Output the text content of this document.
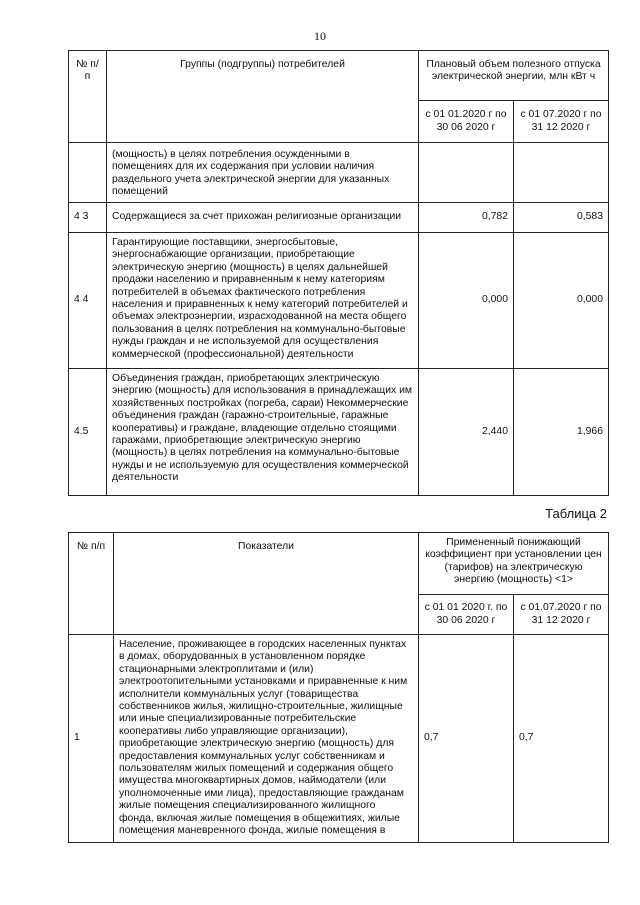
10
№ п/п	Группы (подгруппы) потребителей	Плановый объем полезного отпуска электрической энергии, млн кВт ч	
		с 01 01.2020 г по 30 06 2020 г	с 01 07.2020 г по 31 12 2020 г
	(мощность) в целях потребления осужденными в помещениях для их содержания при условии наличия раздельного учета электрической энергии для указанных помещений		
4 3	Содержащиеся за счет прихожан религиозные организации	0,782	0,583
4 4	Гарантирующие поставщики, энергосбытовые, энергоснабжающие организации, приобретающие электрическую энергию (мощность) в целях дальнейшей продажи населению и приравненным к нему категориям потребителей в объемах фактического потребления населения и приравненных к нему категорий потребителей и объемах электроэнергии, израсходованной на места общего пользования в целях потребления на коммунально-бытовые нужды граждан и не используемой для осуществления коммерческой (профессиональной) деятельности	0,000	0,000
4.5	Объединения граждан, приобретающих электрическую энергию (мощность) для использования в принадлежащих им хозяйственных постройках (погреба, сараи) Некоммерческие объединения граждан (гаражно-строительные, гаражные кооперативы) и граждане, владеющие отдельно стоящими гаражами, приобретающие электрическую энергию (мощность) в целях потребления на коммунально-бытовые нужды и не используемую для осуществления коммерческой деятельности	2,440	1,966
Таблица 2
№ п/п	Показатели	Примененный понижающий коэффициент при установлении цен (тарифов) на электрическую энергию (мощность) <1>	
		с 01 01 2020 г. по 30 06 2020 г	с 01.07.2020 г по 31 12 2020 г
1	Население, проживающее в городских населенных пунктах в домах, оборудованных в установленном порядке стационарными электроплитами и (или) электроотопительными установками и приравненные к ним исполнители коммунальных услуг (товарищества собственников жилья, жилищно-строительные, жилищные или иные специализированные потребительские кооперативы либо управляющие организации), приобретающие электрическую энергию (мощность) для предоставления коммунальных услуг собственникам и пользователям жилых помещений и содержания общего имущества многоквартирных домов, наймодатели (или уполномоченные ими лица), предоставляющие гражданам жилые помещения специализированного жилищного фонда, включая жилые помещения в общежитиях, жилые помещения маневренного фонда, жилые помещения в	0,7	0,7
